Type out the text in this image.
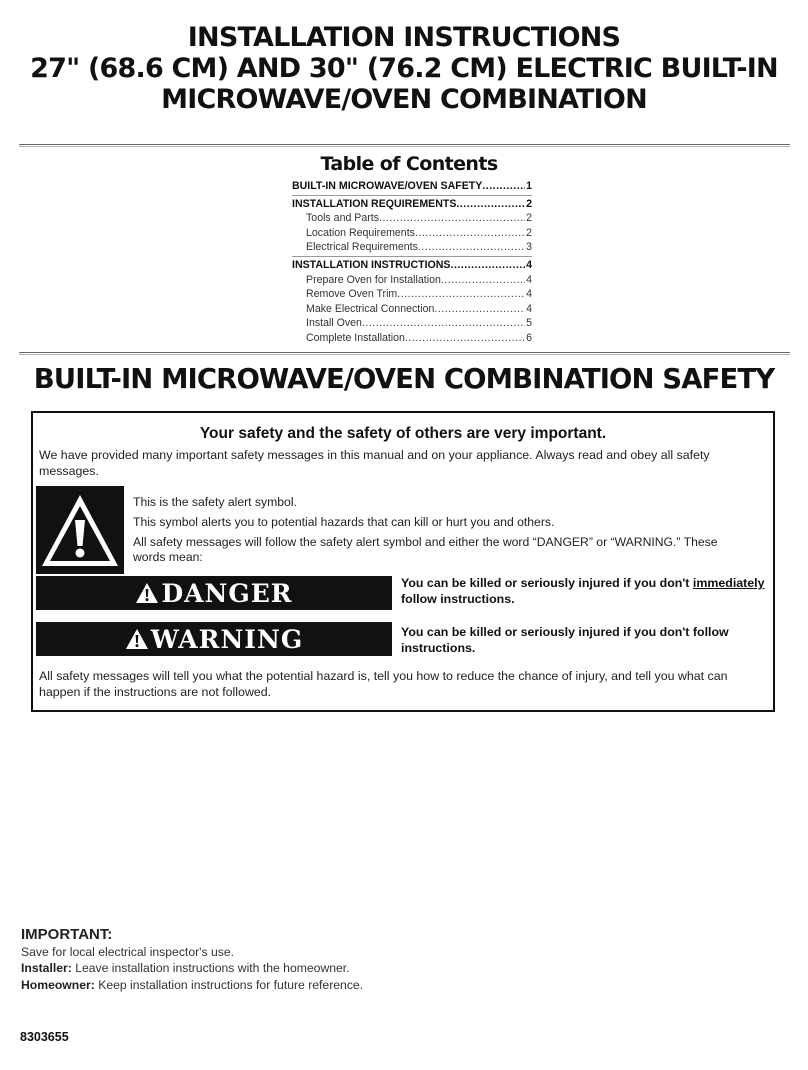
INSTALLATION INSTRUCTIONS
27" (68.6 CM) AND 30" (76.2 CM) ELECTRIC BUILT-IN
MICROWAVE/OVEN COMBINATION
Table of Contents
BUILT-IN MICROWAVE/OVEN SAFETY .....	1
INSTALLATION REQUIREMENTS .....	2
Tools and Parts .....	2
Location Requirements .....	2
Electrical Requirements .....	3
INSTALLATION INSTRUCTIONS .....	4
Prepare Oven for Installation .....	4
Remove Oven Trim .....	4
Make Electrical Connection .....	4
Install Oven .....	5
Complete Installation .....	6
BUILT-IN MICROWAVE/OVEN COMBINATION SAFETY
Your safety and the safety of others are very important.
We have provided many important safety messages in this manual and on your appliance. Always read and obey all safety messages.
This is the safety alert symbol.
This symbol alerts you to potential hazards that can kill or hurt you and others.
All safety messages will follow the safety alert symbol and either the word “DANGER” or “WARNING.” These words mean:
DANGER	You can be killed or seriously injured if you don't immediately follow instructions.
WARNING	You can be killed or seriously injured if you don't follow instructions.
All safety messages will tell you what the potential hazard is, tell you how to reduce the chance of injury, and tell you what can happen if the instructions are not followed.
IMPORTANT:
Save for local electrical inspector's use.
Installer: Leave installation instructions with the homeowner.
Homeowner: Keep installation instructions for future reference.
8303655
